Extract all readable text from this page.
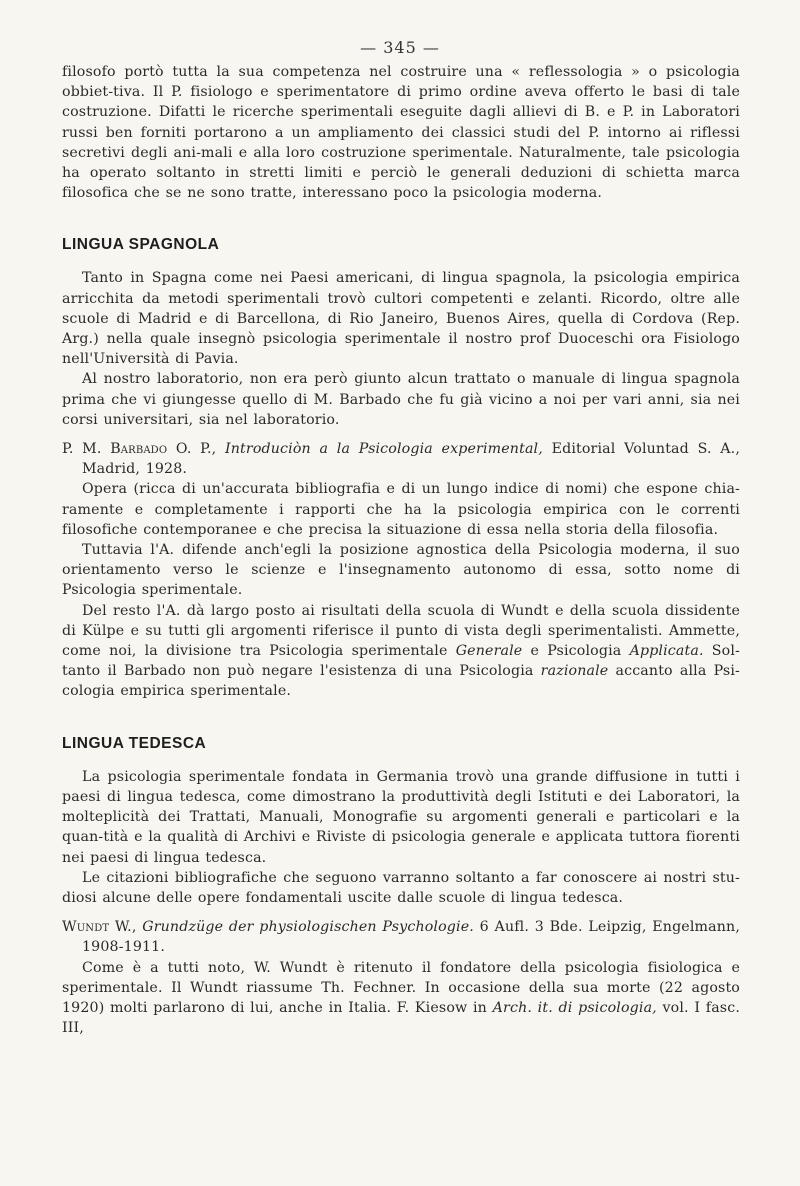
— 345 —

filosofo portò tutta la sua competenza nel costruire una « reflessologia » o psicologia obbiet-tiva. Il P. fisiologo e sperimentatore di primo ordine aveva offerto le basi di tale costruzione. Difatti le ricerche sperimentali eseguite dagli allievi di B. e P. in Laboratori russi ben forniti portarono a un ampliamento dei classici studi del P. intorno ai riflessi secretivi degli ani-mali e alla loro costruzione sperimentale. Naturalmente, tale psicologia ha operato soltanto in stretti limiti e perciò le generali deduzioni di schietta marca filosofica che se ne sono tratte, interessano poco la psicologia moderna.

LINGUA SPAGNOLA

Tanto in Spagna come nei Paesi americani, di lingua spagnola, la psicologia empirica arricchita da metodi sperimentali trovò cultori competenti e zelanti. Ricordo, oltre alle scuole di Madrid e di Barcellona, di Rio Janeiro, Buenos Aires, quella di Cordova (Rep. Arg.) nella quale insegnò psicologia sperimentale il nostro prof Duoceschi ora Fisiologo nell'Università di Pavia.

Al nostro laboratorio, non era però giunto alcun trattato o manuale di lingua spagnola prima che vi giungesse quello di M. Barbado che fu già vicino a noi per vari anni, sia nei corsi universitari, sia nel laboratorio.

P. M. Barbado O. P., Introduciòn a la Psicologia experimental, Editorial Voluntad S. A., Madrid, 1928.

Opera (ricca di un'accurata bibliografia e di un lungo indice di nomi) che espone chia-ramente e completamente i rapporti che ha la psicologia empirica con le correnti filosofiche contemporanee e che precisa la situazione di essa nella storia della filosofia.

Tuttavia l'A. difende anch'egli la posizione agnostica della Psicologia moderna, il suo orientamento verso le scienze e l'insegnamento autonomo di essa, sotto nome di Psicologia sperimentale.

Del resto l'A. dà largo posto ai risultati della scuola di Wundt e della scuola dissidente di Külpe e su tutti gli argomenti riferisce il punto di vista degli sperimentalisti. Ammette, come noi, la divisione tra Psicologia sperimentale Generale e Psicologia Applicata. Sol-tanto il Barbado non può negare l'esistenza di una Psicologia razionale accanto alla Psi-cologia empirica sperimentale.

LINGUA TEDESCA

La psicologia sperimentale fondata in Germania trovò una grande diffusione in tutti i paesi di lingua tedesca, come dimostrano la produttività degli Istituti e dei Laboratori, la molteplicità dei Trattati, Manuali, Monografie su argomenti generali e particolari e la quan-tità e la qualità di Archivi e Riviste di psicologia generale e applicata tuttora fiorenti nei paesi di lingua tedesca.

Le citazioni bibliografiche che seguono varranno soltanto a far conoscere ai nostri stu-diosi alcune delle opere fondamentali uscite dalle scuole di lingua tedesca.

Wundt W., Grundzüge der physiologischen Psychologie. 6 Aufl. 3 Bde. Leipzig, Engelmann, 1908-1911.

Come è a tutti noto, W. Wundt è ritenuto il fondatore della psicologia fisiologica e sperimentale. Il Wundt riassume Th. Fechner. In occasione della sua morte (22 agosto 1920) molti parlarono di lui, anche in Italia. F. Kiesow in Arch. it. di psicologia, vol. I fasc. III,
